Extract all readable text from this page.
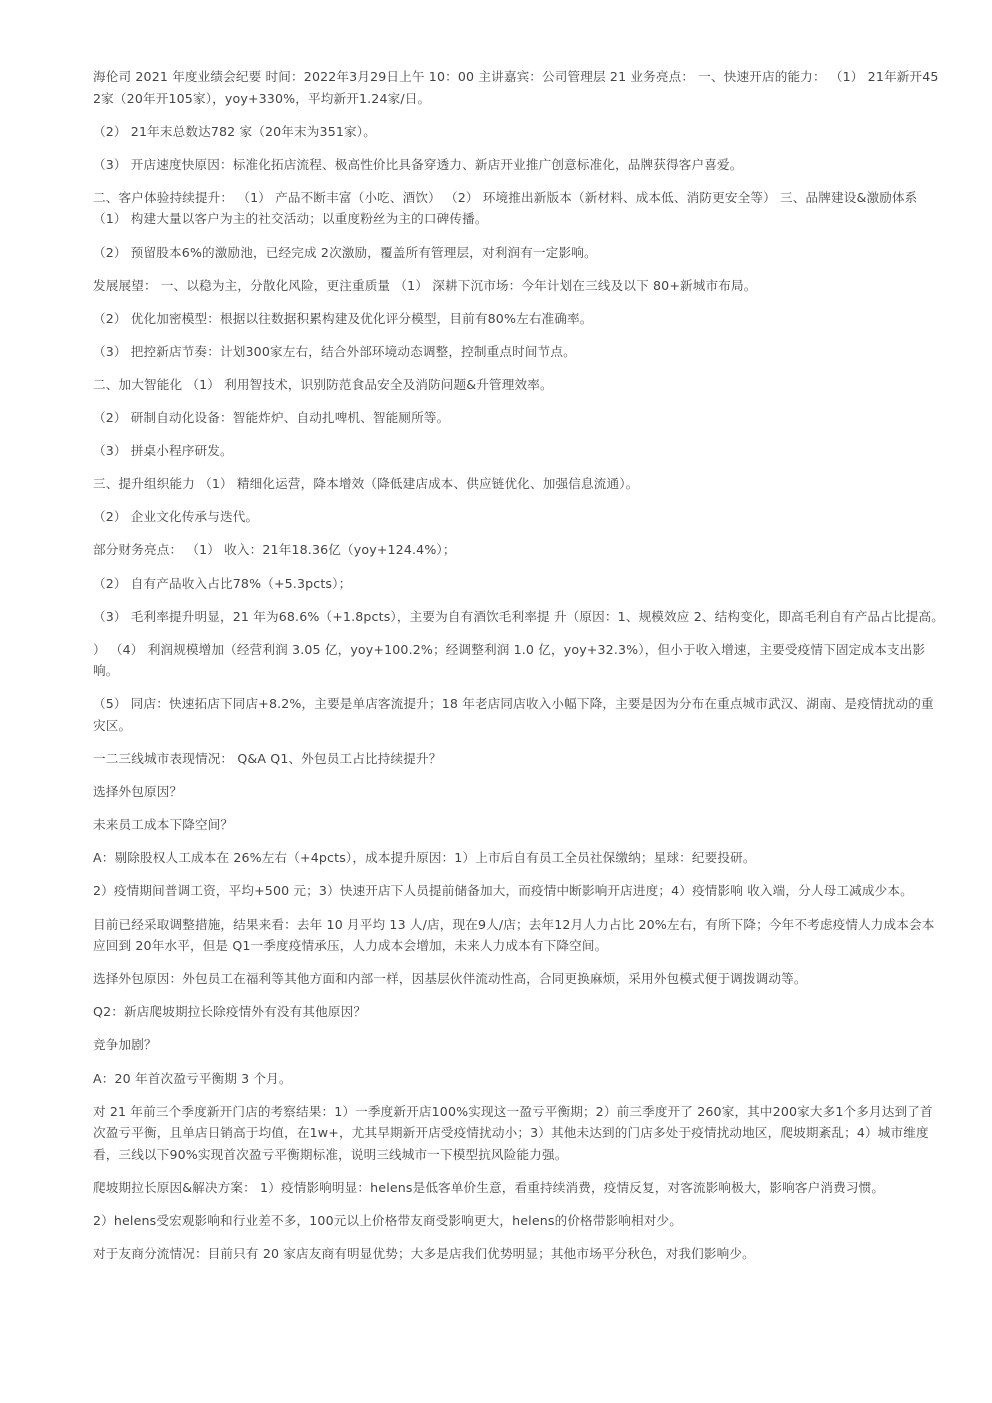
海伦司 2021 年度业绩会纪要 时间：2022年3月29日上午 10：00 主讲嘉宾：公司管理层 21 业务亮点： 一、快速开店的能力： （1） 21年新开452家（20年开105家），yoy+330%，平均新开1.24家/日。

（2） 21年末总数达782 家（20年末为351家）。

（3） 开店速度快原因：标准化拓店流程、极高性价比具备穿透力、新店开业推广创意标准化，品牌获得客户喜爱。

二、客户体验持续提升： （1） 产品不断丰富（小吃、酒饮） （2） 环境推出新版本（新材料、成本低、消防更安全等） 三、品牌建设&激励体系 （1） 构建大量以客户为主的社交活动；以重度粉丝为主的口碑传播。

（2） 预留股本6%的激励池，已经完成 2次激励，覆盖所有管理层，对利润有一定影响。

发展展望： 一、以稳为主，分散化风险，更注重质量 （1） 深耕下沉市场：今年计划在三线及以下 80+新城市布局。

（2） 优化加密模型：根据以往数据积累构建及优化评分模型，目前有80%左右准确率。

（3） 把控新店节奏：计划300家左右，结合外部环境动态调整，控制重点时间节点。

二、加大智能化 （1） 利用智技术，识别防范食品安全及消防问题&升管理效率。

（2） 研制自动化设备：智能炸炉、自动扎啤机、智能厕所等。

（3） 拼桌小程序研发。

三、提升组织能力 （1） 精细化运营，降本增效（降低建店成本、供应链优化、加强信息流通）。

（2） 企业文化传承与迭代。

部分财务亮点： （1） 收入：21年18.36亿（yoy+124.4%）；

（2） 自有产品收入占比78%（+5.3pcts）；

（3） 毛利率提升明显，21 年为68.6%（+1.8pcts），主要为自有酒饮毛利率提 升（原因：1、规模效应 2、结构变化，即高毛利自有产品占比提高。

） （4） 利润规模增加（经营利润 3.05 亿，yoy+100.2%；经调整利润 1.0 亿，yoy+32.3%），但小于收入增速，主要受疫情下固定成本支出影响。

（5） 同店：快速拓店下同店+8.2%，主要是单店客流提升；18 年老店同店收入小幅下降，主要是因为分布在重点城市武汉、湖南、是疫情扰动的重灾区。

一二三线城市表现情况： Q&A Q1、外包员工占比持续提升？

选择外包原因？

未来员工成本下降空间？

A：剔除股权人工成本在 26%左右（+4pcts），成本提升原因：1）上市后自有员工全员社保缴纳；星球：纪要投研。

2）疫情期间普调工资，平均+500 元；3）快速开店下人员提前储备加大，而疫情中断影响开店进度；4）疫情影响 收入端，分人母工减成少本。

目前已经采取调整措施，结果来看：去年 10 月平均 13 人/店，现在9人/店；去年12月人力占比 20%左右，有所下降；今年不考虑疫情人力成本会本应回到 20年水平，但是 Q1一季度疫情承压，人力成本会增加，未来人力成本有下降空间。

选择外包原因：外包员工在福利等其他方面和内部一样，因基层伙伴流动性高，合同更换麻烦，采用外包模式便于调拨调动等。

Q2：新店爬坡期拉长除疫情外有没有其他原因？

竞争加剧？

A：20 年首次盈亏平衡期 3 个月。

对 21 年前三个季度新开门店的考察结果：1）一季度新开店100%实现这一盈亏平衡期；2）前三季度开了 260家，其中200家大多1个多月达到了首次盈亏平衡，且单店日销高于均值，在1w+，尤其早期新开店受疫情扰动小；3）其他未达到的门店多处于疫情扰动地区，爬坡期紊乱；4）城市维度看，三线以下90%实现首次盈亏平衡期标准，说明三线城市一下模型抗风险能力强。

爬坡期拉长原因&解决方案： 1）疫情影响明显：helens是低客单价生意，看重持续消费，疫情反复，对客流影响极大，影响客户消费习惯。

2）helens受宏观影响和行业差不多，100元以上价格带友商受影响更大，helens的价格带影响相对少。

对于友商分流情况：目前只有 20 家店友商有明显优势；大多是店我们优势明显；其他市场平分秋色，对我们影响少。
